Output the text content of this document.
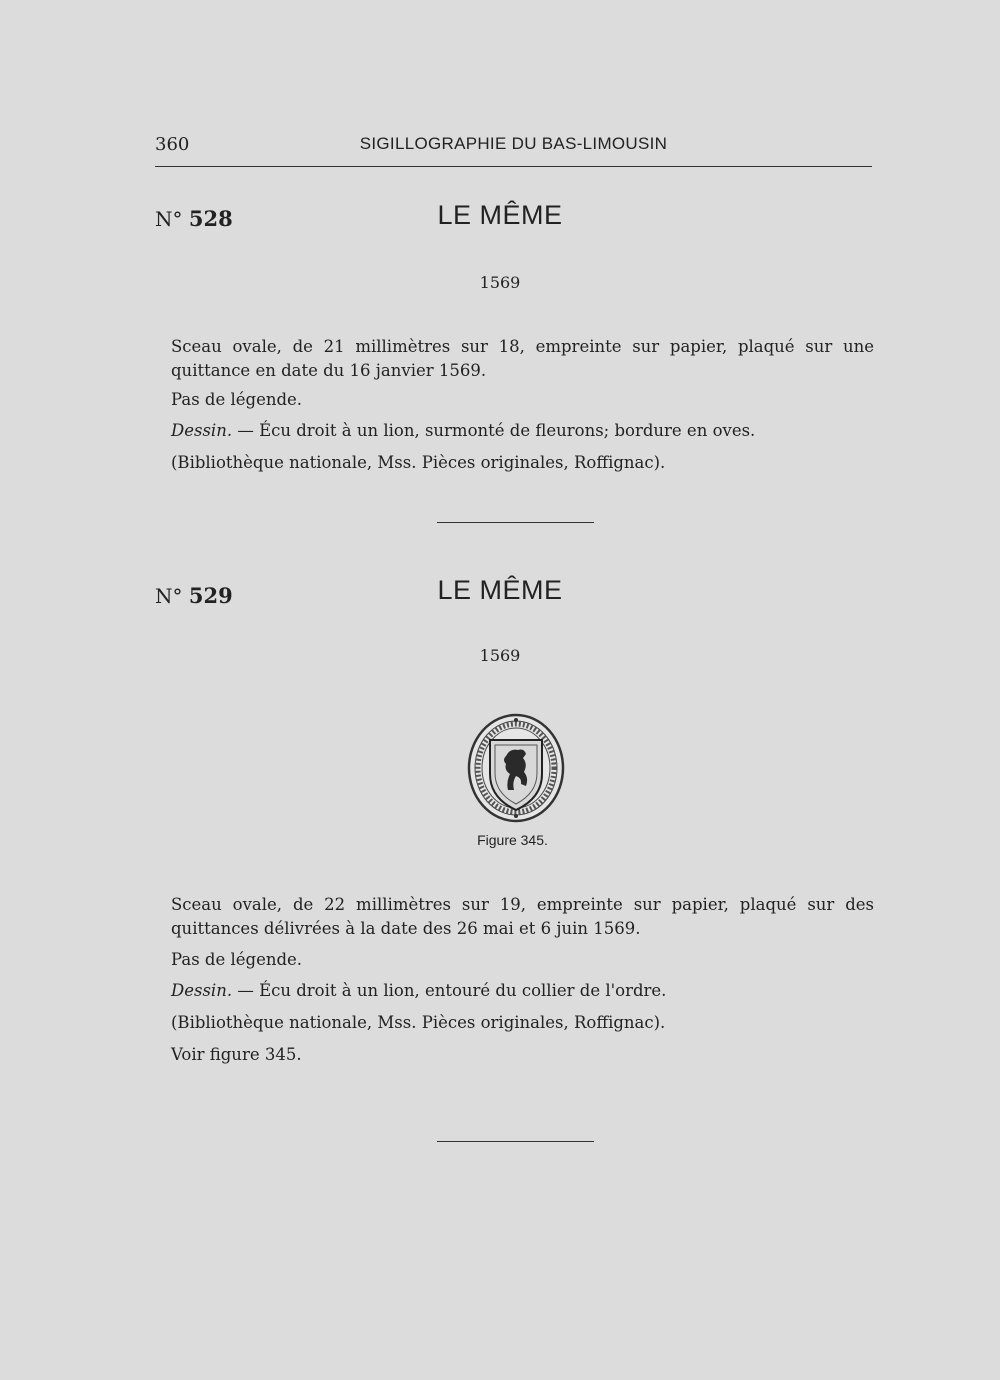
360	SIGILLOGRAPHIE DU BAS-LIMOUSIN
N° 528	LE MÊME
1569
Sceau ovale, de 21 millimètres sur 18, empreinte sur papier, plaqué sur une quittance en date du 16 janvier 1569.
Pas de légende.
Dessin. — Écu droit à un lion, surmonté de fleurons; bordure en oves.
(Bibliothèque nationale, Mss. Pièces originales, Roffignac).
N° 529	LE MÊME
1569
Figure 345.
Sceau ovale, de 22 millimètres sur 19, empreinte sur papier, plaqué sur des quittances délivrées à la date des 26 mai et 6 juin 1569.
Pas de légende.
Dessin. — Écu droit à un lion, entouré du collier de l'ordre.
(Bibliothèque nationale, Mss. Pièces originales, Roffignac).
Voir figure 345.
